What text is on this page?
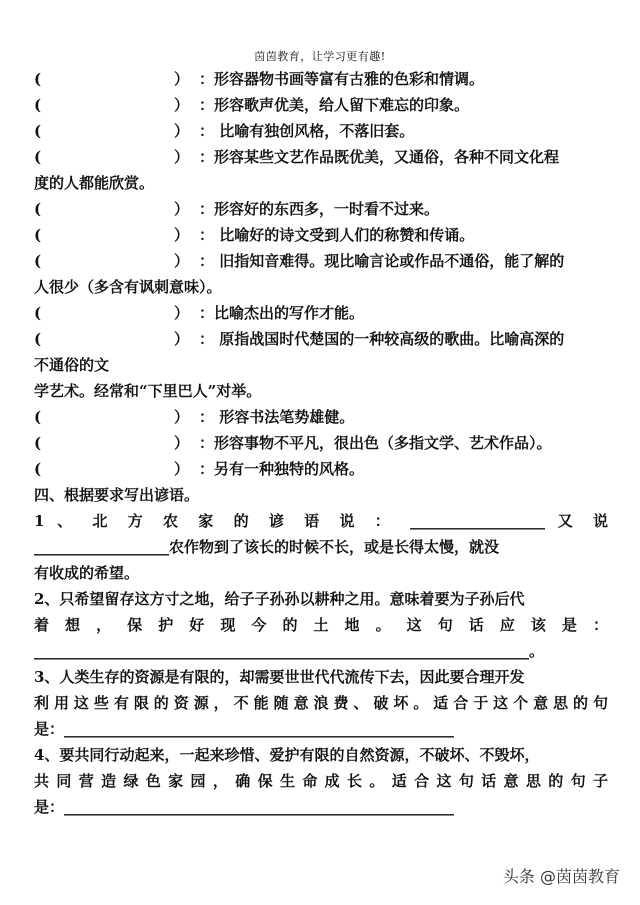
茵茵教育，让学习更有趣!
(	） ：形容器物书画等富有古雅的色彩和情调。
(	） ：形容歌声优美，给人留下难忘的印象。
(	） ： 比喻有独创风格，不落旧套。
(	） ：形容某些文艺作品既优美，又通俗，各种不同文化程
度的人都能欣赏。
(	） ：形容好的东西多，一时看不过来。
(	） ： 比喻好的诗文受到人们的称赞和传诵。
(	） ： 旧指知音难得。现比喻言论或作品不通俗，能了解的
人很少（多含有讽刺意味）。
(	） ：比喻杰出的写作才能。
(	） ： 原指战国时代楚国的一种较高级的歌曲。比喻高深的
不通俗的文
学艺术。经常和“下里巴人”对举。
(	） ： 形容书法笔势雄健。
(	） ：形容事物不平凡，很出色（多指文学、艺术作品）。
(	） ：另有一种独特的风格。
四、根据要求写出谚语。
1 、 北 方 农 家 的 谚 语 说 ： __________________ 又 说
__________________农作物到了该长的时候不长，或是长得太慢，就没
有收成的希望。
2、只希望留存这方寸之地，给子子孙孙以耕种之用。意味着要为子孙后代
着 想 ， 保 护 好 现 今 的 土 地 。 这 句 话 应 该 是 ：
__________________________________________________________________。
3、人类生存的资源是有限的，却需要世世代代流传下去，因此要合理开发
利用这些有限的资源，不能随意浪费、破坏。适合于这个意思的句
是：____________________________________________________
4、要共同行动起来，一起来珍惜、爱护有限的自然资源，不破坏、不毁坏，
共同营造绿色家园，确保生命成长。适合这句话意思的句子
是：____________________________________________________
头条 @茵茵教育
